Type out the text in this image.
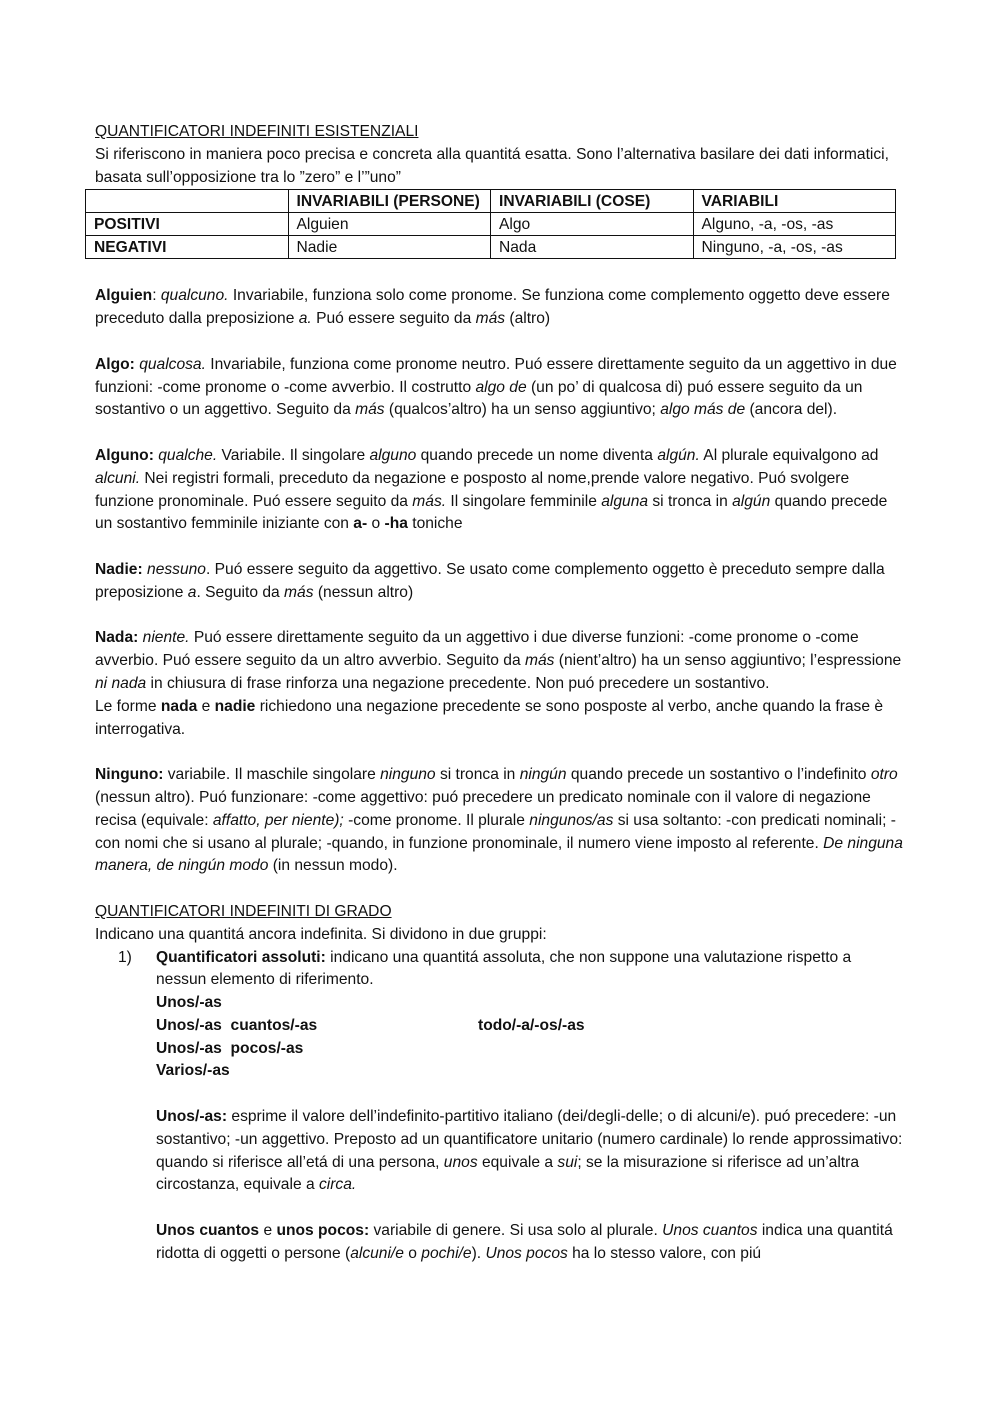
QUANTIFICATORI INDEFINITI ESISTENZIALI

Si riferiscono in maniera poco precisa e concreta alla quantitá esatta. Sono l’alternativa basilare dei dati informatici, basata sull’opposizione tra lo ”zero” e l’”uno”

	INVARIABILI (PERSONE)	INVARIABILI (COSE)	VARIABILI
POSITIVI	Alguien	Algo	Alguno, -a, -os, -as
NEGATIVI	Nadie	Nada	Ninguno, -a, -os, -as

Alguien: qualcuno. Invariabile, funziona solo come pronome. Se funziona come complemento oggetto deve essere preceduto dalla preposizione a. Puó essere seguito da más (altro)

Algo: qualcosa. Invariabile, funziona come pronome neutro. Puó essere direttamente seguito da un aggettivo in due funzioni: -come pronome o -come avverbio. Il costrutto algo de (un po’ di qualcosa di) puó essere seguito da un sostantivo o un aggettivo. Seguito da más (qualcos’altro) ha un senso aggiuntivo; algo más de (ancora del).

Alguno: qualche. Variabile. Il singolare alguno quando precede un nome diventa algún. Al plurale equivalgono ad alcuni. Nei registri formali, preceduto da negazione e posposto al nome,prende valore negativo. Puó svolgere funzione pronominale. Puó essere seguito da más. Il singolare femminile alguna si tronca in algún quando precede un sostantivo femminile iniziante con a- o -ha toniche

Nadie: nessuno. Puó essere seguito da aggettivo. Se usato come complemento oggetto è preceduto sempre dalla preposizione a. Seguito da más (nessun altro)

Nada: niente. Puó essere direttamente seguito da un aggettivo i due diverse funzioni: -come pronome o -come avverbio. Puó essere seguito da un altro avverbio. Seguito da más (nient’altro) ha un senso aggiuntivo; l’espressione ni nada in chiusura di frase rinforza una negazione precedente. Non puó precedere un sostantivo.

Le forme nada e nadie richiedono una negazione precedente se sono posposte al verbo, anche quando la frase è interrogativa.

Ninguno: variabile. Il maschile singolare ninguno si tronca in ningún quando precede un sostantivo o l’indefinito otro (nessun altro). Puó funzionare: -come aggettivo: puó precedere un predicato nominale con il valore di negazione recisa (equivale: affatto, per niente); -come pronome. Il plurale ningunos/as si usa soltanto: -con predicati nominali; -con nomi che si usano al plurale; -quando, in funzione pronominale, il numero viene imposto al referente. De ninguna manera, de ningún modo (in nessun modo).

QUANTIFICATORI INDEFINITI DI GRADO

Indicano una quantitá ancora indefinita. Si dividono in due gruppi:

1) Quantificatori assoluti: indicano una quantitá assoluta, che non suppone una valutazione rispetto a nessun elemento di riferimento.

Unos/-as
Unos/-as  cuantos/-as	todo/-a/-os/-as
Unos/-as  pocos/-as
Varios/-as

Unos/-as: esprime il valore dell’indefinito-partitivo italiano (dei/degli-delle; o di alcuni/e). puó precedere: -un sostantivo; -un aggettivo. Preposto ad un quantificatore unitario (numero cardinale) lo rende approssimativo: quando si riferisce all’etá di una persona, unos equivale a sui; se la misurazione si riferisce ad un’altra circostanza, equivale a circa.

Unos cuantos e unos pocos: variabile di genere. Si usa solo al plurale. Unos cuantos indica una quantitá ridotta di oggetti o persone (alcuni/e o pochi/e). Unos pocos ha lo stesso valore, con piú
